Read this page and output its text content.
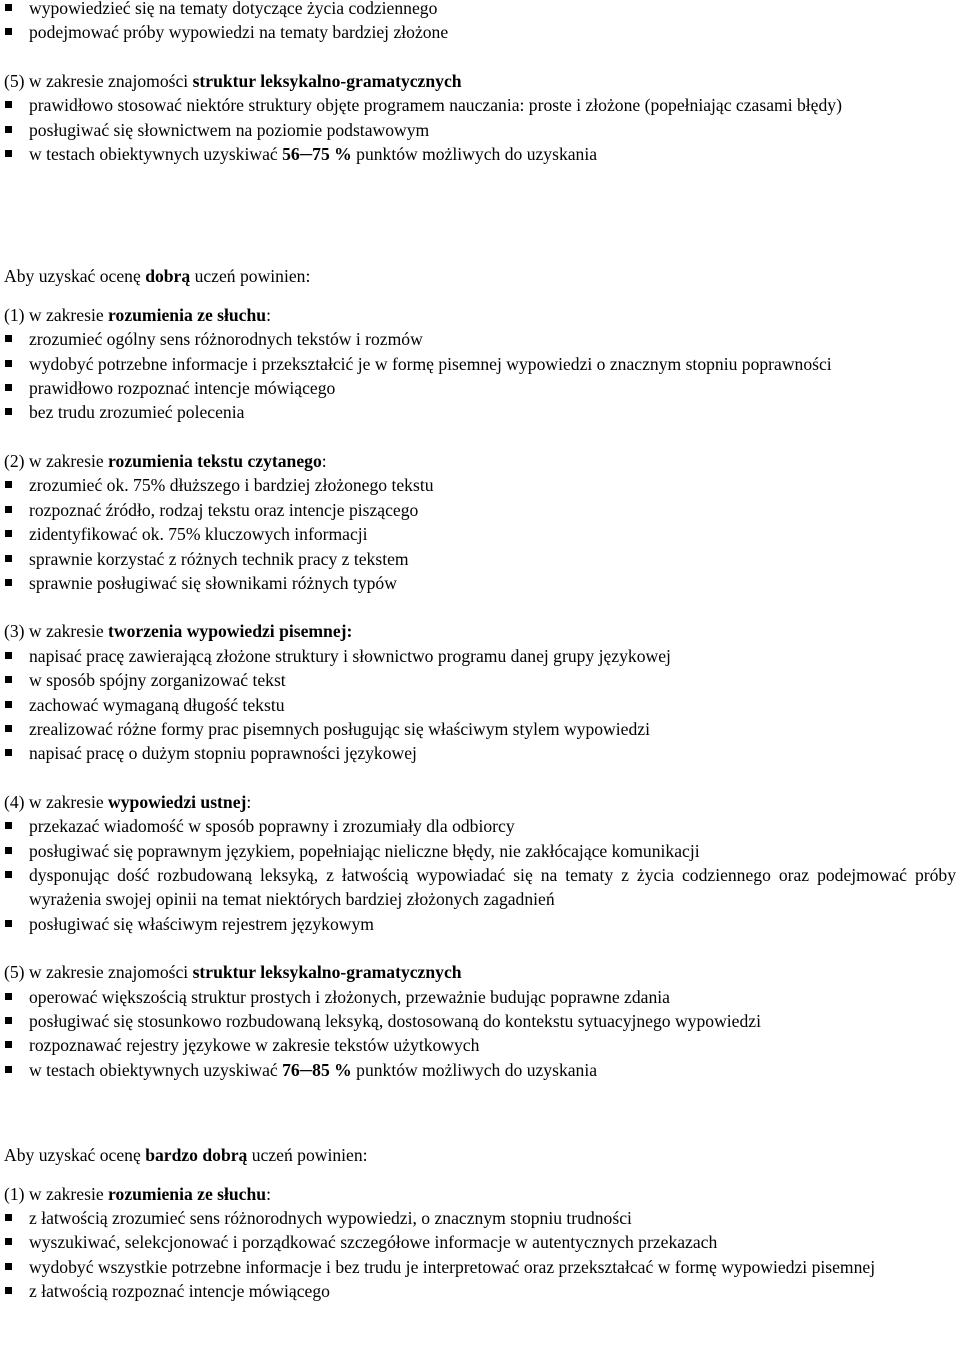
wypowiedzieć się na tematy dotyczące życia codziennego
podejmować próby wypowiedzi na tematy bardziej złożone

(5) w zakresie znajomości struktur leksykalno-gramatycznych

prawidłowo stosować niektóre struktury objęte programem nauczania: proste i złożone (popełniając czasami błędy)
posługiwać się słownictwem na poziomie podstawowym
w testach obiektywnych uzyskiwać 56─75 % punktów możliwych do uzyskania

Aby uzyskać ocenę dobrą uczeń powinien:

(1) w zakresie rozumienia ze słuchu:

zrozumieć ogólny sens różnorodnych tekstów i rozmów
wydobyć potrzebne informacje i przekształcić je w formę pisemnej wypowiedzi o znacznym stopniu poprawności
prawidłowo rozpoznać intencje mówiącego
bez trudu zrozumieć polecenia

(2) w zakresie rozumienia tekstu czytanego:

zrozumieć ok. 75% dłuższego i bardziej złożonego tekstu
rozpoznać źródło, rodzaj tekstu oraz intencje piszącego
zidentyfikować ok. 75% kluczowych informacji
sprawnie korzystać z różnych technik pracy z tekstem
sprawnie posługiwać się słownikami różnych typów

(3) w zakresie tworzenia wypowiedzi pisemnej:

napisać pracę zawierającą złożone struktury i słownictwo programu danej grupy językowej
w sposób spójny zorganizować tekst
zachować wymaganą długość tekstu
zrealizować różne formy prac pisemnych posługując się właściwym stylem wypowiedzi
napisać pracę o dużym stopniu poprawności językowej

(4) w zakresie wypowiedzi ustnej:

przekazać wiadomość w sposób poprawny i zrozumiały dla odbiorcy
posługiwać się poprawnym językiem, popełniając nieliczne błędy, nie zakłócające komunikacji
dysponując dość rozbudowaną leksyką, z łatwością wypowiadać się na tematy z życia codziennego oraz podejmować próby wyrażenia swojej opinii na temat niektórych bardziej złożonych zagadnień
posługiwać się właściwym rejestrem językowym

(5) w zakresie znajomości struktur leksykalno-gramatycznych

operować większością struktur prostych i złożonych, przeważnie budując poprawne zdania
posługiwać się stosunkowo rozbudowaną leksyką, dostosowaną do kontekstu sytuacyjnego wypowiedzi
rozpoznawać rejestry językowe w zakresie tekstów użytkowych
w testach obiektywnych uzyskiwać 76─85 % punktów możliwych do uzyskania

Aby uzyskać ocenę bardzo dobrą uczeń powinien:

(1) w zakresie rozumienia ze słuchu:

z łatwością zrozumieć sens różnorodnych wypowiedzi, o znacznym stopniu trudności
wyszukiwać, selekcjonować i porządkować szczegółowe informacje w autentycznych przekazach
wydobyć wszystkie potrzebne informacje i bez trudu je interpretować oraz przekształcać w formę wypowiedzi pisemnej
z łatwością rozpoznać intencje mówiącego
